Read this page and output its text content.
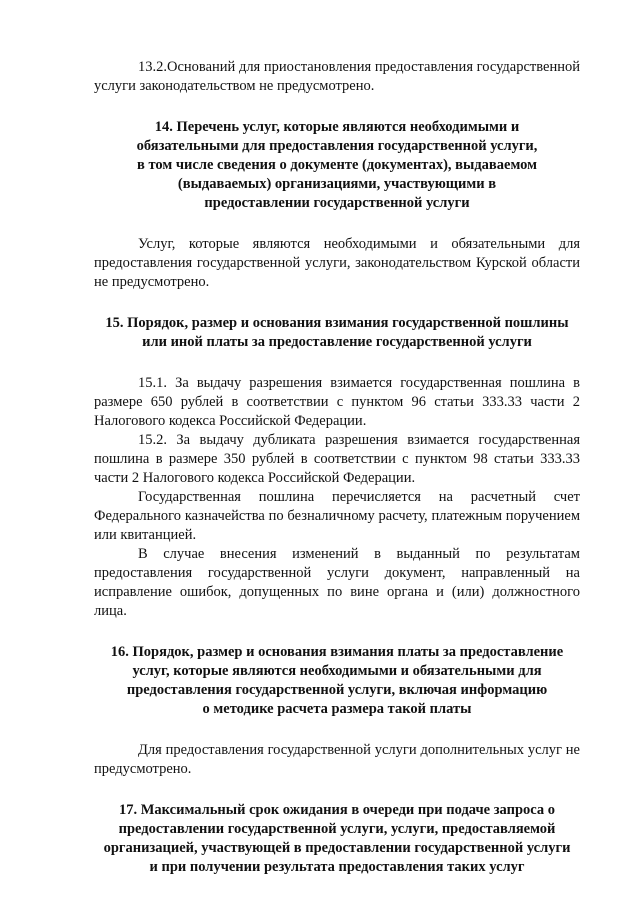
13.2.Оснований для приостановления предоставления государственной услуги законодательством не предусмотрено.

14. Перечень услуг, которые являются необходимыми и

обязательными для предоставления государственной услуги,

в том числе сведения о документе (документах), выдаваемом

(выдаваемых) организациями, участвующими в

предоставлении государственной услуги

Услуг, которые являются необходимыми и обязательными для предоставления государственной услуги, законодательством Курской области не предусмотрено.

15. Порядок, размер и основания взимания государственной пошлины

или иной платы за предоставление государственной услуги

15.1. За выдачу разрешения взимается государственная пошлина в размере 650 рублей в соответствии с пунктом 96 статьи 333.33 части 2 Налогового кодекса Российской Федерации.

15.2. За выдачу дубликата разрешения взимается государственная пошлина в размере 350 рублей в соответствии с пунктом 98 статьи 333.33 части 2 Налогового кодекса Российской Федерации.

Государственная пошлина перечисляется на расчетный счет Федерального казначейства по безналичному расчету, платежным поручением или квитанцией.

В случае внесения изменений в выданный по результатам предоставления государственной услуги документ, направленный на исправление ошибок, допущенных по вине органа и (или) должностного лица.

16. Порядок, размер и основания взимания платы за предоставление

услуг, которые являются необходимыми и обязательными для

предоставления государственной услуги, включая информацию

о методике расчета размера такой платы

Для предоставления государственной услуги дополнительных услуг не предусмотрено.

17. Максимальный срок ожидания в очереди при подаче запроса о

предоставлении государственной услуги, услуги, предоставляемой

организацией, участвующей в предоставлении государственной услуги

и при получении результата предоставления таких услуг
